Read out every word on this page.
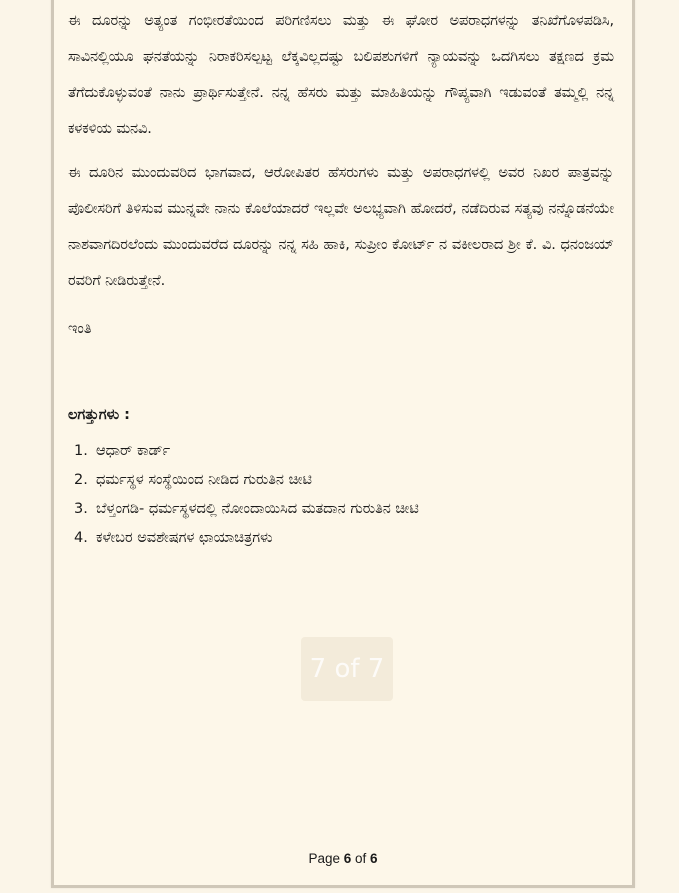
ಈ ದೂರನ್ನು ಅತ್ಯಂತ ಗಂಭೀರತೆಯಿಂದ ಪರಿಗಣಿಸಲು ಮತ್ತು ಈ ಘೋರ ಅಪರಾಧಗಳನ್ನು ತನಿಖೆಗೊಳಪಡಿಸಿ, ಸಾವಿನಲ್ಲಿಯೂ ಘನತೆಯನ್ನು ನಿರಾಕರಿಸಲ್ಪಟ್ಟ ಲೆಕ್ಕವಿಲ್ಲದಷ್ಟು ಬಲಿಪಶುಗಳಿಗೆ ನ್ಯಾಯವನ್ನು ಒದಗಿಸಲು ತಕ್ಷಣದ ಕ್ರಮ ತೆಗೆದುಕೊಳ್ಳುವಂತೆ ನಾನು ಪ್ರಾರ್ಥಿಸುತ್ತೇನೆ. ನನ್ನ ಹೆಸರು ಮತ್ತು ಮಾಹಿತಿಯನ್ನು ಗೌಪ್ಯವಾಗಿ ಇಡುವಂತೆ ತಮ್ಮಲ್ಲಿ ನನ್ನ ಕಳಕಳಿಯ ಮನವಿ.

ಈ ದೂರಿನ ಮುಂದುವರಿದ ಭಾಗವಾದ, ಆರೋಪಿತರ ಹೆಸರುಗಳು ಮತ್ತು ಅಪರಾಧಗಳಲ್ಲಿ ಅವರ ನಿಖರ ಪಾತ್ರವನ್ನು ಪೊಲೀಸರಿಗೆ ತಿಳಿಸುವ ಮುನ್ನವೇ ನಾನು ಕೊಲೆಯಾದರೆ ಇಲ್ಲವೇ ಅಲಭ್ಯವಾಗಿ ಹೋದರೆ, ನಡೆದಿರುವ ಸತ್ಯವು ನನ್ನೊಡನೆಯೇ ನಾಶವಾಗದಿರಲೆಂದು ಮುಂದುವರೆದ ದೂರನ್ನು ನನ್ನ ಸಹಿ ಹಾಕಿ, ಸುಪ್ರೀಂ ಕೋರ್ಟ್ ನ ವಕೀಲರಾದ ಶ್ರೀ ಕೆ. ವಿ. ಧನಂಜಯ್ ರವರಿಗೆ ನೀಡಿರುತ್ತೇನೆ.

ಇಂತಿ
ಲಗತ್ತುಗಳು :
1. ಆಧಾರ್ ಕಾರ್ಡ್
2. ಧರ್ಮಸ್ಥಳ ಸಂಸ್ಥೆಯಿಂದ ನೀಡಿದ ಗುರುತಿನ ಚೀಟಿ
3. ಬೆಳ್ತಂಗಡಿ- ಧರ್ಮಸ್ಥಳದಲ್ಲಿ ನೋಂದಾಯಿಸಿದ ಮತದಾನ ಗುರುತಿನ ಚೀಟಿ
4. ಕಳೇಬರ ಅವಶೇಷಗಳ ಛಾಯಾಚಿತ್ರಗಳು
7 of 7
Page 6 of 6
